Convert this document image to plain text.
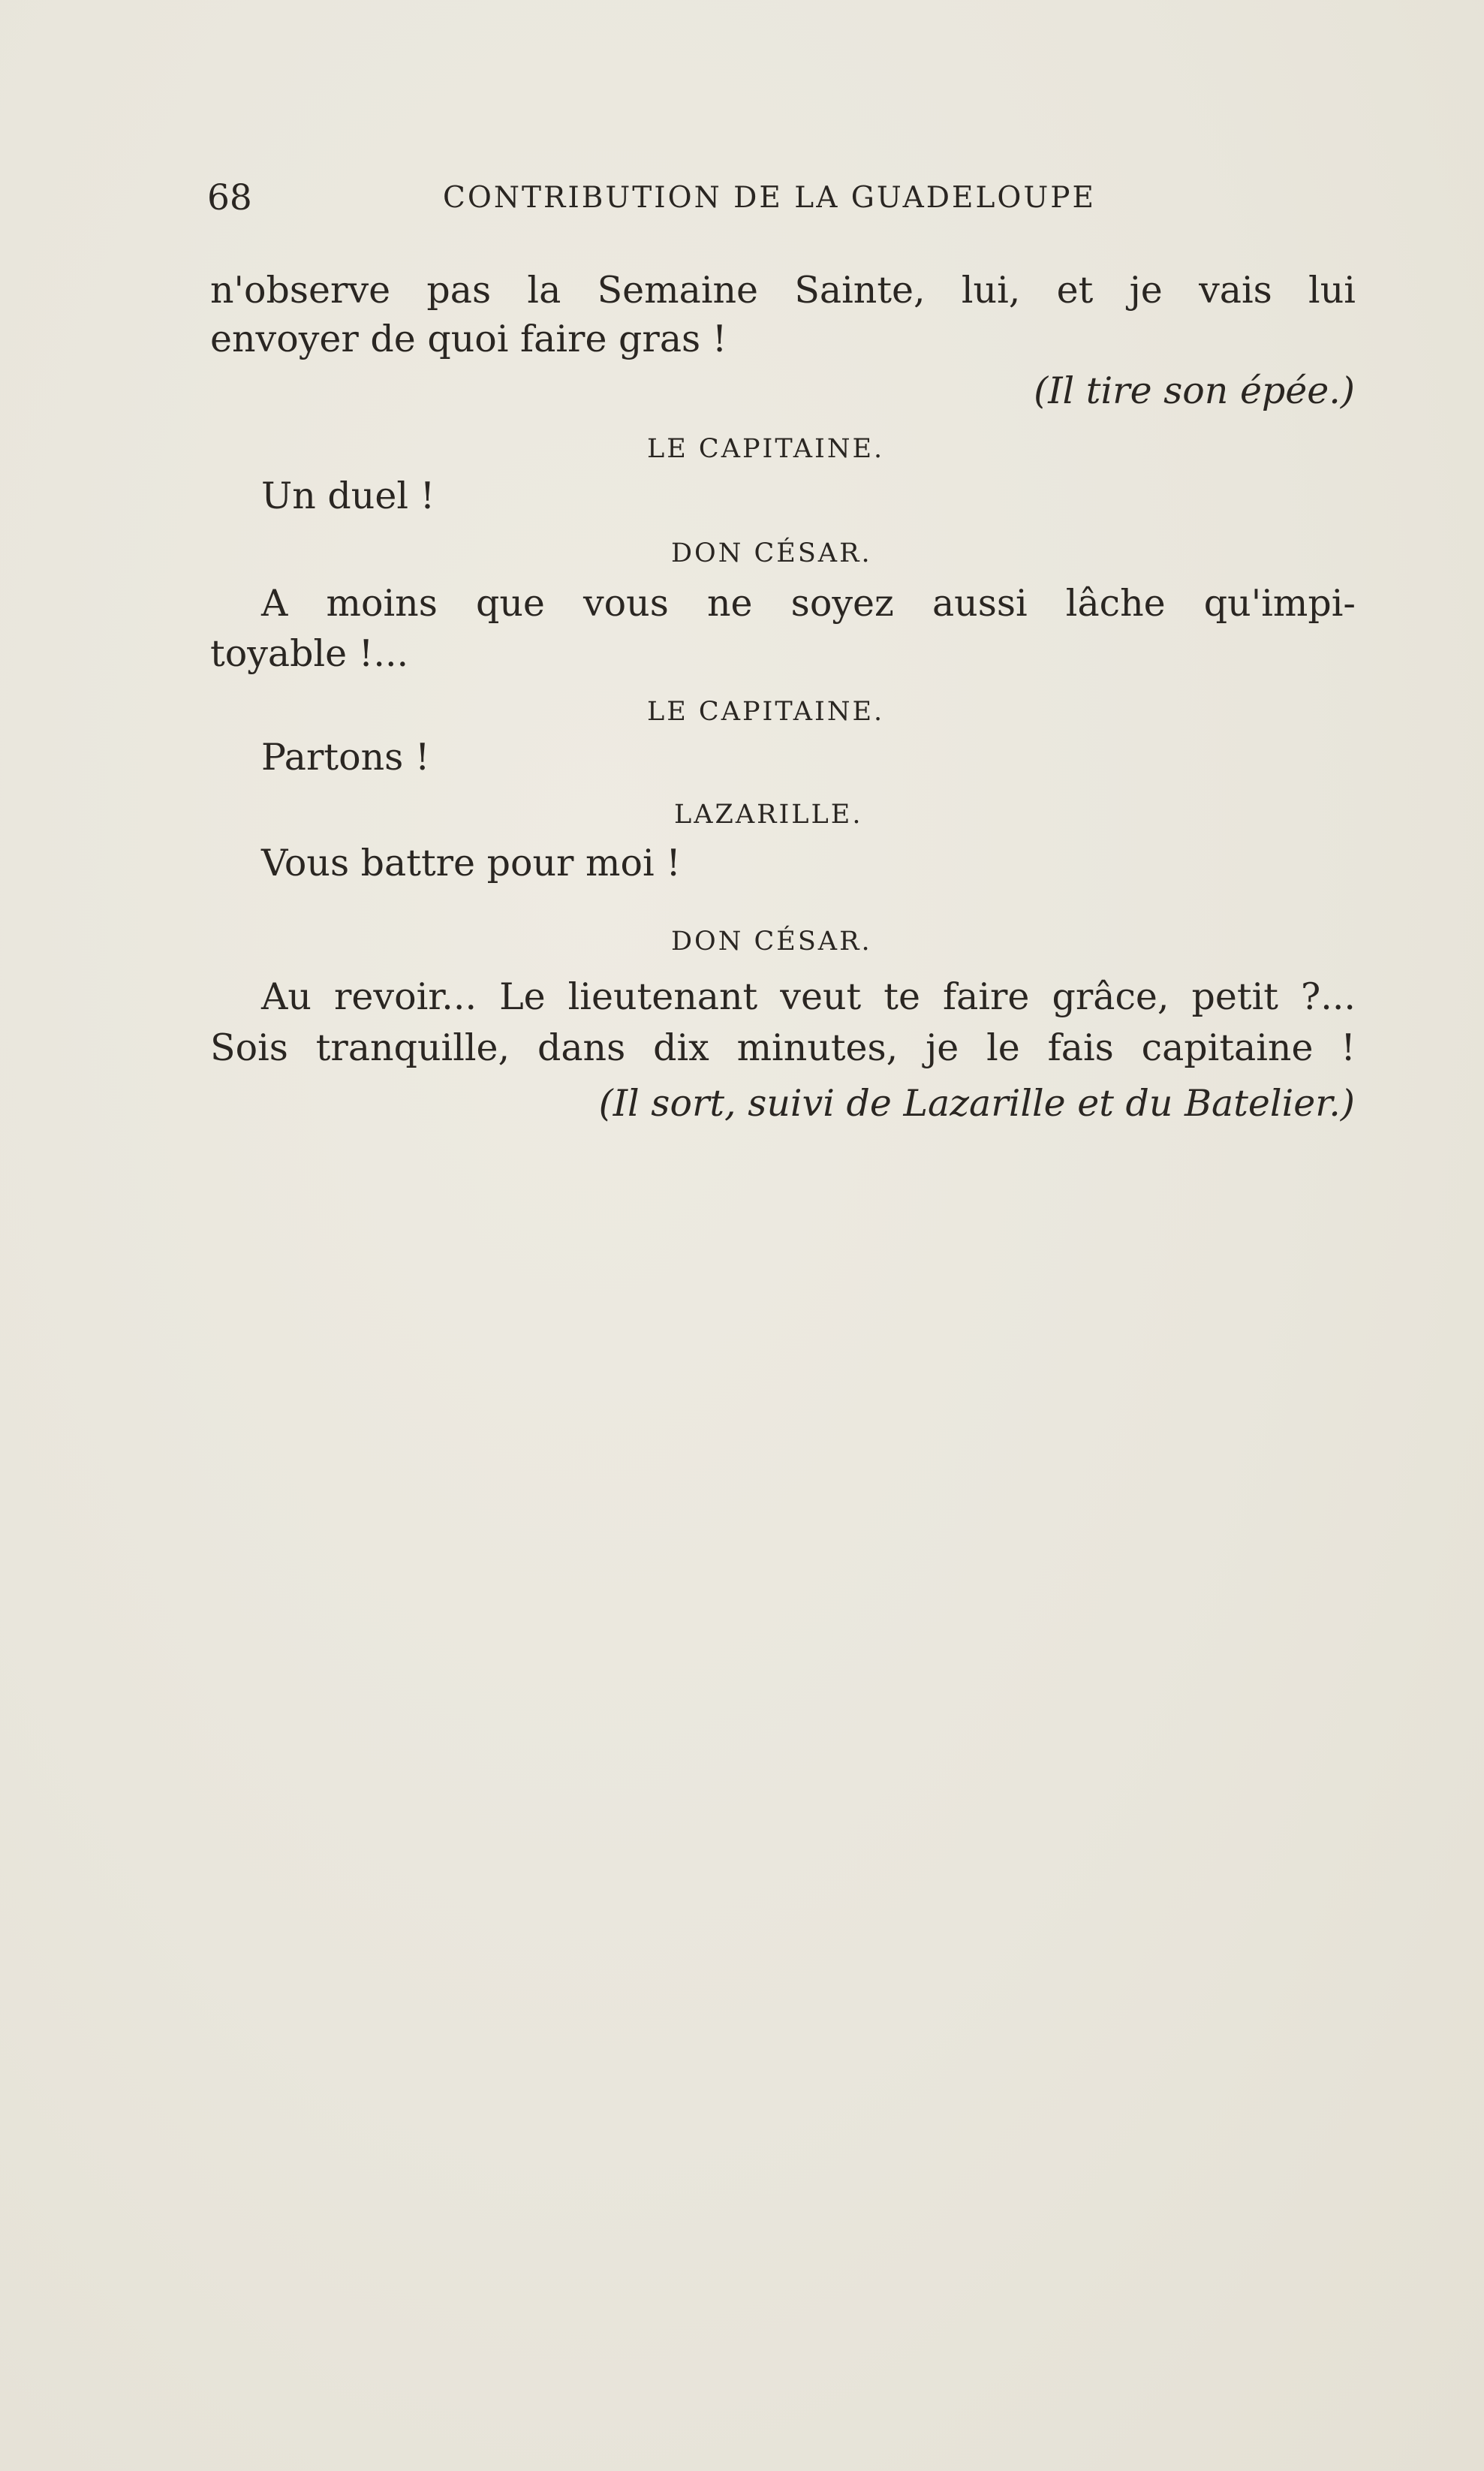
68	CONTRIBUTION DE LA GUADELOUPE
n'observe pas la Semaine Sainte, lui, et je vais lui
envoyer de quoi faire gras !
(Il tire son épée.)
LE CAPITAINE.
Un duel !
DON CÉSAR.
A moins que vous ne soyez aussi lâche qu'impi-
toyable !...
LE CAPITAINE.
Partons !
LAZARILLE.
Vous battre pour moi !
DON CÉSAR.
Au revoir... Le lieutenant veut te faire grâce, petit ?...
Sois tranquille, dans dix minutes, je le fais capitaine !
(Il sort, suivi de Lazarille et du Batelier.)
